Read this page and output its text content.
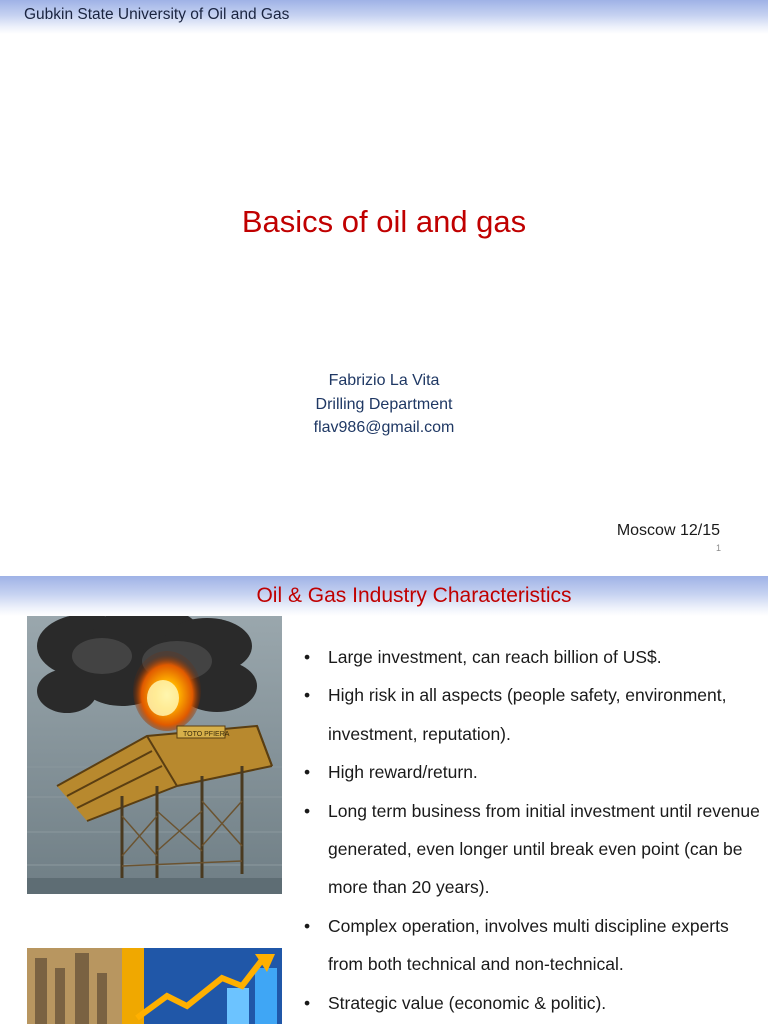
Gubkin State University of Oil and Gas
Basics of oil and gas
Fabrizio La Vita
Drilling Department
flav986@gmail.com
Moscow 12/15
1
Oil & Gas Industry Characteristics
TOTO PFIERA
• Large investment, can reach billion of US$.
• High risk in all aspects (people safety, environment, investment, reputation).
• High reward/return.
• Long term business from initial investment until revenue generated, even longer until break even point (can be more than 20 years).
• Complex operation, involves multi discipline experts from both technical and non-technical.
• Strategic value (economic & politic).
